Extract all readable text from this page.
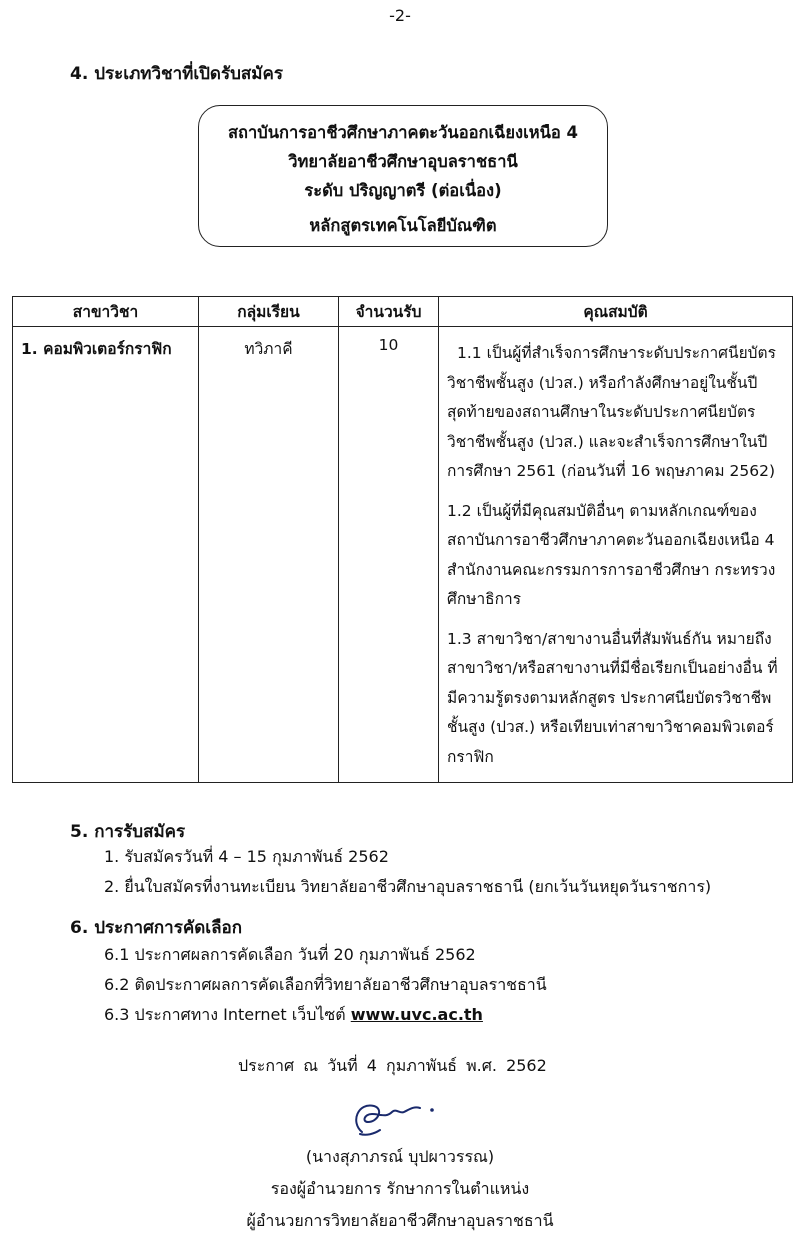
-2-
4. ประเภทวิชาที่เปิดรับสมัคร
สถาบันการอาชีวศึกษาภาคตะวันออกเฉียงเหนือ 4
วิทยาลัยอาชีวศึกษาอุบลราชธานี
ระดับ ปริญญาตรี (ต่อเนื่อง)
หลักสูตรเทคโนโลยีบัณฑิต
สาขาวิชา	กลุ่มเรียน	จำนวนรับ	คุณสมบัติ
1. คอมพิวเตอร์กราฟิก	ทวิภาคี	10	1.1 เป็นผู้ที่สำเร็จการศึกษาระดับประกาศนียบัตรวิชาชีพชั้นสูง (ปวส.) หรือกำลังศึกษาอยู่ในชั้นปีสุดท้ายของสถานศึกษาในระดับประกาศนียบัตรวิชาชีพชั้นสูง (ปวส.) และจะสำเร็จการศึกษาในปีการศึกษา 2561 (ก่อนวันที่ 16 พฤษภาคม 2562)
1.2 เป็นผู้ที่มีคุณสมบัติอื่นๆ ตามหลักเกณฑ์ของสถาบันการอาชีวศึกษาภาคตะวันออกเฉียงเหนือ 4 สำนักงานคณะกรรมการการอาชีวศึกษา กระทรวงศึกษาธิการ
1.3 สาขาวิชา/สาขางานอื่นที่สัมพันธ์กัน หมายถึง สาขาวิชา/หรือสาขางานที่มีชื่อเรียกเป็นอย่างอื่น ที่มีความรู้ตรงตามหลักสูตร ประกาศนียบัตรวิชาชีพชั้นสูง (ปวส.) หรือเทียบเท่าสาขาวิชาคอมพิวเตอร์กราฟิก
5. การรับสมัคร
1. รับสมัครวันที่ 4 – 15 กุมภาพันธ์ 2562
2. ยื่นใบสมัครที่งานทะเบียน วิทยาลัยอาชีวศึกษาอุบลราชธานี (ยกเว้นวันหยุดวันราชการ)
6. ประกาศการคัดเลือก
6.1 ประกาศผลการคัดเลือก วันที่ 20 กุมภาพันธ์ 2562
6.2 ติดประกาศผลการคัดเลือกที่วิทยาลัยอาชีวศึกษาอุบลราชธานี
6.3 ประกาศทาง Internet เว็บไซต์ www.uvc.ac.th
ประกาศ ณ วันที่ 4 กุมภาพันธ์ พ.ศ. 2562
(นางสุภาภรณ์ บุปผาวรรณ)
รองผู้อำนวยการ รักษาการในตำแหน่ง
ผู้อำนวยการวิทยาลัยอาชีวศึกษาอุบลราชธานี
